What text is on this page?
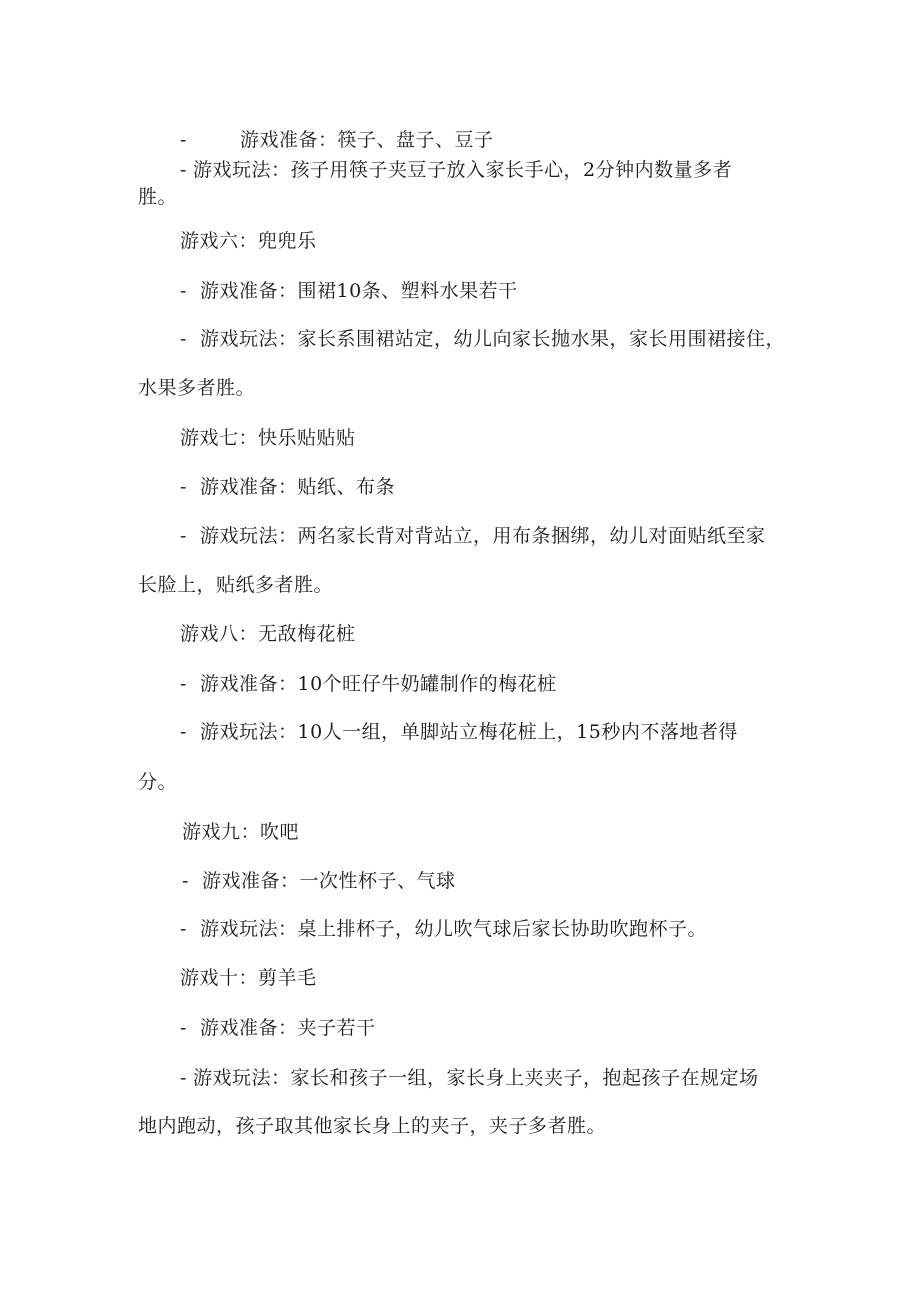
-	游戏准备：筷子、盘子、豆子
- 游戏玩法：孩子用筷子夹豆子放入家长手心，2分钟内数量多者
胜。
游戏六：兜兜乐
- 游戏准备：围裙10条、塑料水果若干
- 游戏玩法：家长系围裙站定，幼儿向家长抛水果，家长用围裙接住，
水果多者胜。
游戏七：快乐贴贴贴
- 游戏准备：贴纸、布条
- 游戏玩法：两名家长背对背站立，用布条捆绑，幼儿对面贴纸至家
长脸上，贴纸多者胜。
游戏八：无敌梅花桩
- 游戏准备：10个旺仔牛奶罐制作的梅花桩
- 游戏玩法：10人一组，单脚站立梅花桩上，15秒内不落地者得
分。
游戏九：吹吧
- 游戏准备：一次性杯子、气球
- 游戏玩法：桌上排杯子，幼儿吹气球后家长协助吹跑杯子。
游戏十：剪羊毛
- 游戏准备：夹子若干
- 游戏玩法：家长和孩子一组，家长身上夹夹子，抱起孩子在规定场
地内跑动，孩子取其他家长身上的夹子，夹子多者胜。
